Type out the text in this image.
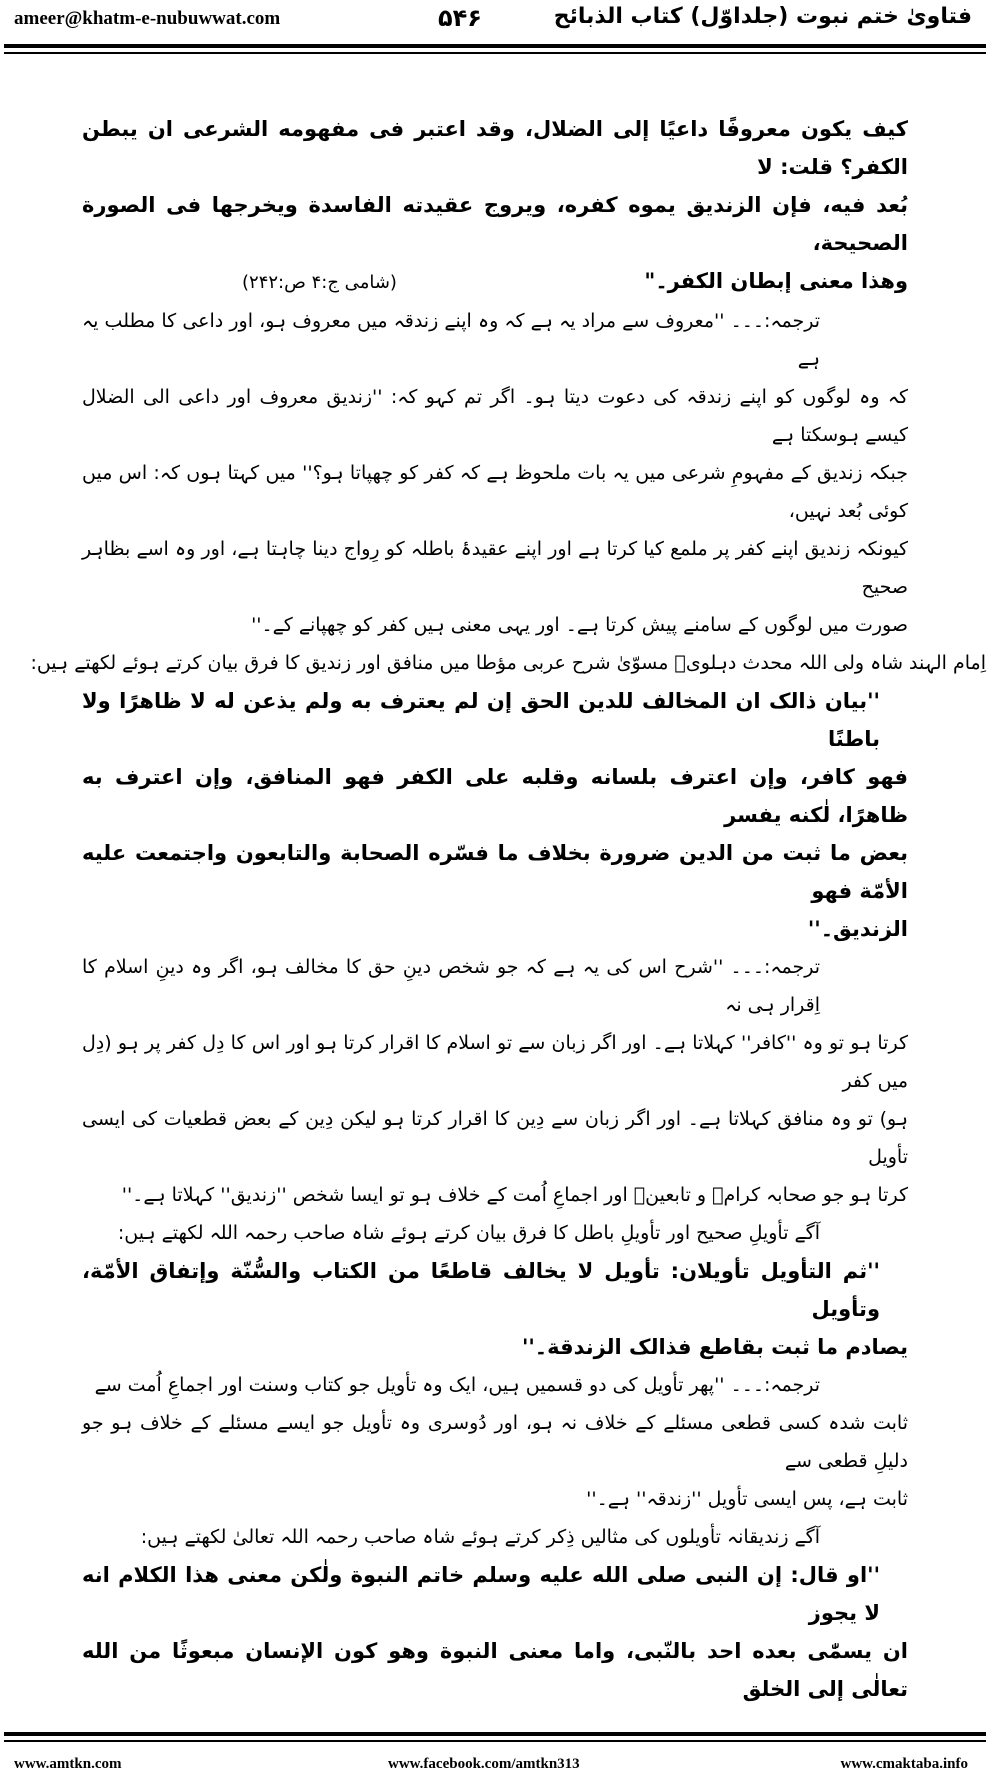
ameer@khatm-e-nubuwwat.com	۵۴۶	فتاویٰ ختم نبوت (جلداوّل) کتاب الذبائح
کیف یکون معروفًا داعیًا إلی الضلال، وقد اعتبر فی مفهومه الشرعی ان یبطن الکفر؟ قلت: لا
بُعد فیه، فإن الزندیق یموه کفره، ویروج عقیدته الفاسدة ویخرجها فی الصورة الصحیحة،
وهذا معنی إبطان الکفر۔"
(شامی ج:۴ ص:۲۴۲)
ترجمہ:۔۔۔ ''معروف سے مراد یہ ہے کہ وہ اپنے زندقہ میں معروف ہو، اور داعی کا مطلب یہ ہے
کہ وہ لوگوں کو اپنے زندقہ کی دعوت دیتا ہو۔ اگر تم کہو کہ: ''زندیق معروف اور داعی الی الضلال کیسے ہوسکتا ہے
جبکہ زندیق کے مفہومِ شرعی میں یہ بات ملحوظ ہے کہ کفر کو چھپاتا ہو؟'' میں کہتا ہوں کہ: اس میں کوئی بُعد نہیں،
کیونکہ زندیق اپنے کفر پر ملمع کیا کرتا ہے اور اپنے عقیدۂ باطلہ کو رِواج دینا چاہتا ہے، اور وہ اسے بظاہر صحیح
صورت میں لوگوں کے سامنے پیش کرتا ہے۔ اور یہی معنی ہیں کفر کو چھپانے کے۔''
اِمام الہند شاہ ولی اللہ محدث دہلویؒ مسوّیٰ شرح عربی مؤطا میں منافق اور زندیق کا فرق بیان کرتے ہوئے لکھتے ہیں:
''بیان ذالک ان المخالف للدین الحق إن لم یعترف به ولم یذعن له لا ظاهرًا ولا باطنًا
فهو کافر، وإن اعترف بلسانه وقلبه علی الکفر فهو المنافق، وإن اعترف به ظاهرًا، لٰکنه یفسر
بعض ما ثبت من الدین ضرورة بخلاف ما فسّره الصحابة والتابعون واجتمعت علیه الأمّة فهو
الزندیق۔''
ترجمہ:۔۔۔ ''شرح اس کی یہ ہے کہ جو شخص دینِ حق کا مخالف ہو، اگر وہ دینِ اسلام کا اِقرار ہی نہ
کرتا ہو تو وہ ''کافر'' کہلاتا ہے۔ اور اگر زبان سے تو اسلام کا اقرار کرتا ہو اور اس کا دِل کفر پر ہو (دِل میں کفر
ہو) تو وہ منافق کہلاتا ہے۔ اور اگر زبان سے دِین کا اقرار کرتا ہو لیکن دِین کے بعض قطعیات کی ایسی تأویل
کرتا ہو جو صحابہ کرامؓ و تابعینؒ اور اجماعِ اُمت کے خلاف ہو تو ایسا شخص ''زندیق'' کہلاتا ہے۔''
آگے تأویلِ صحیح اور تأویلِ باطل کا فرق بیان کرتے ہوئے شاہ صاحب رحمہ اللہ لکھتے ہیں:
''ثم التأویل تأویلان: تأویل لا یخالف قاطعًا من الکتاب والسُّنّة وإتفاق الأمّة، وتأویل
یصادم ما ثبت بقاطع فذالک الزندقة۔''
ترجمہ:۔۔۔ ''پھر تأویل کی دو قسمیں ہیں، ایک وہ تأویل جو کتاب وسنت اور اجماعِ اُمت سے
ثابت شدہ کسی قطعی مسئلے کے خلاف نہ ہو، اور دُوسری وہ تأویل جو ایسے مسئلے کے خلاف ہو جو دلیلِ قطعی سے
ثابت ہے، پس ایسی تأویل ''زندقہ'' ہے۔''
آگے زندیقانہ تأویلوں کی مثالیں ذِکر کرتے ہوئے شاہ صاحب رحمہ اللہ تعالیٰ لکھتے ہیں:
''او قال: إن النبی صلی الله علیه وسلم خاتم النبوة ولٰکن معنی هذا الکلام انه لا یجوز
ان یسمّٰی بعده احد بالنّبی، واما معنی النبوة وهو کون الإنسان مبعوثًا من الله تعالٰی إلی الخلق
www.amtkn.com	www.facebook.com/amtkn313	www.cmaktaba.info
